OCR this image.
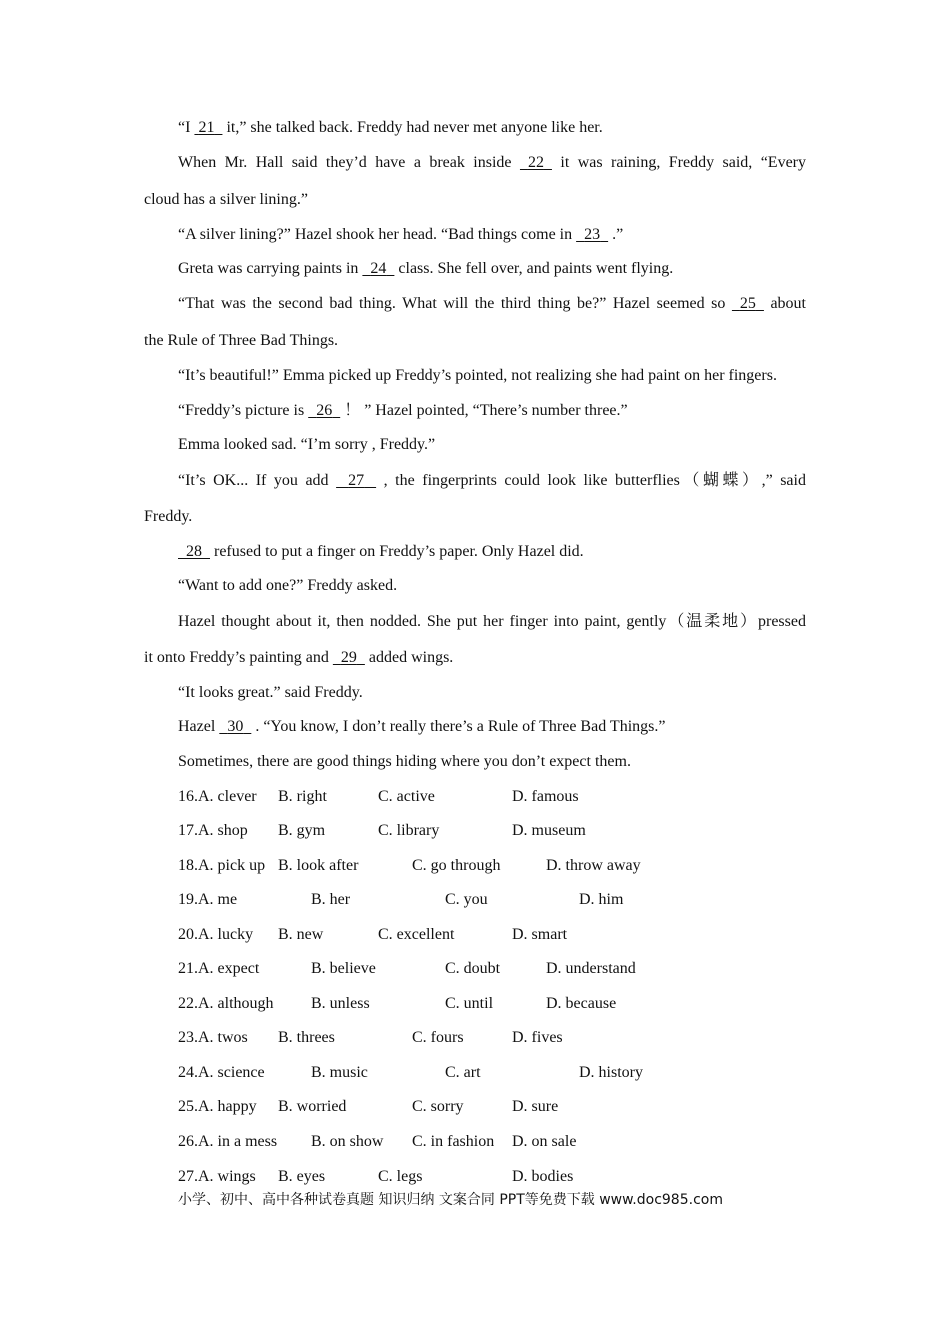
“I  21   it,” she talked back. Freddy had never met anyone like her.
When Mr. Hall said they’d have a break inside   22   it was raining, Freddy said, “Every
cloud has a silver lining.”
“A silver lining?” Hazel shook her head. “Bad things come in   23   .”
Greta was carrying paints in   24   class. She fell over, and paints went flying.
“That was the second bad thing. What will the third thing be?” Hazel seemed so   25   about
the Rule of Three Bad Things.
“It’s beautiful!” Emma picked up Freddy’s pointed, not realizing she had paint on her fingers.
“Freddy’s picture is   26   ！ ” Hazel pointed, “There’s number three.”
Emma looked sad. “I’m sorry , Freddy.”
“It’s OK... If you add    27    , the fingerprints could look like butterflies（蝴蝶）,” said
Freddy.
28   refused to put a finger on Freddy’s paper. Only Hazel did.
“Want to add one?” Freddy asked.
Hazel thought about it, then nodded. She put her finger into paint, gently（温柔地）pressed
it onto Freddy’s painting and   29   added wings.
“It looks great.” said Freddy.
Hazel   30   . “You know, I don’t really there’s a Rule of Three Bad Things.”
Sometimes, there are good things hiding where you don’t expect them.
16.A. clever B. right	C. active	D. famous
17.A. shop B. gym	C. library	D. museum
18.A. pick up B. look after	C. go through	D. throw away
19.A. me	B. her	C. you	D. him
20.A. lucky B. new	C. excellent	D. smart
21.A. expect	B. believe	C. doubt	D. understand
22.A. although B. unless	C. until	D. because
23.A. twos B. threes	C. fours	D. fives
24.A. science	B. music	C. art	D. history
25.A. happy B. worried	C. sorry	D. sure
26.A. in a mess B. on show C. in fashion D. on sale
27.A. wings B. eyes	C. legs	D. bodies
小学、初中、高中各种试卷真题 知识归纳 文案合同 PPT等免费下载 www.doc985.com
